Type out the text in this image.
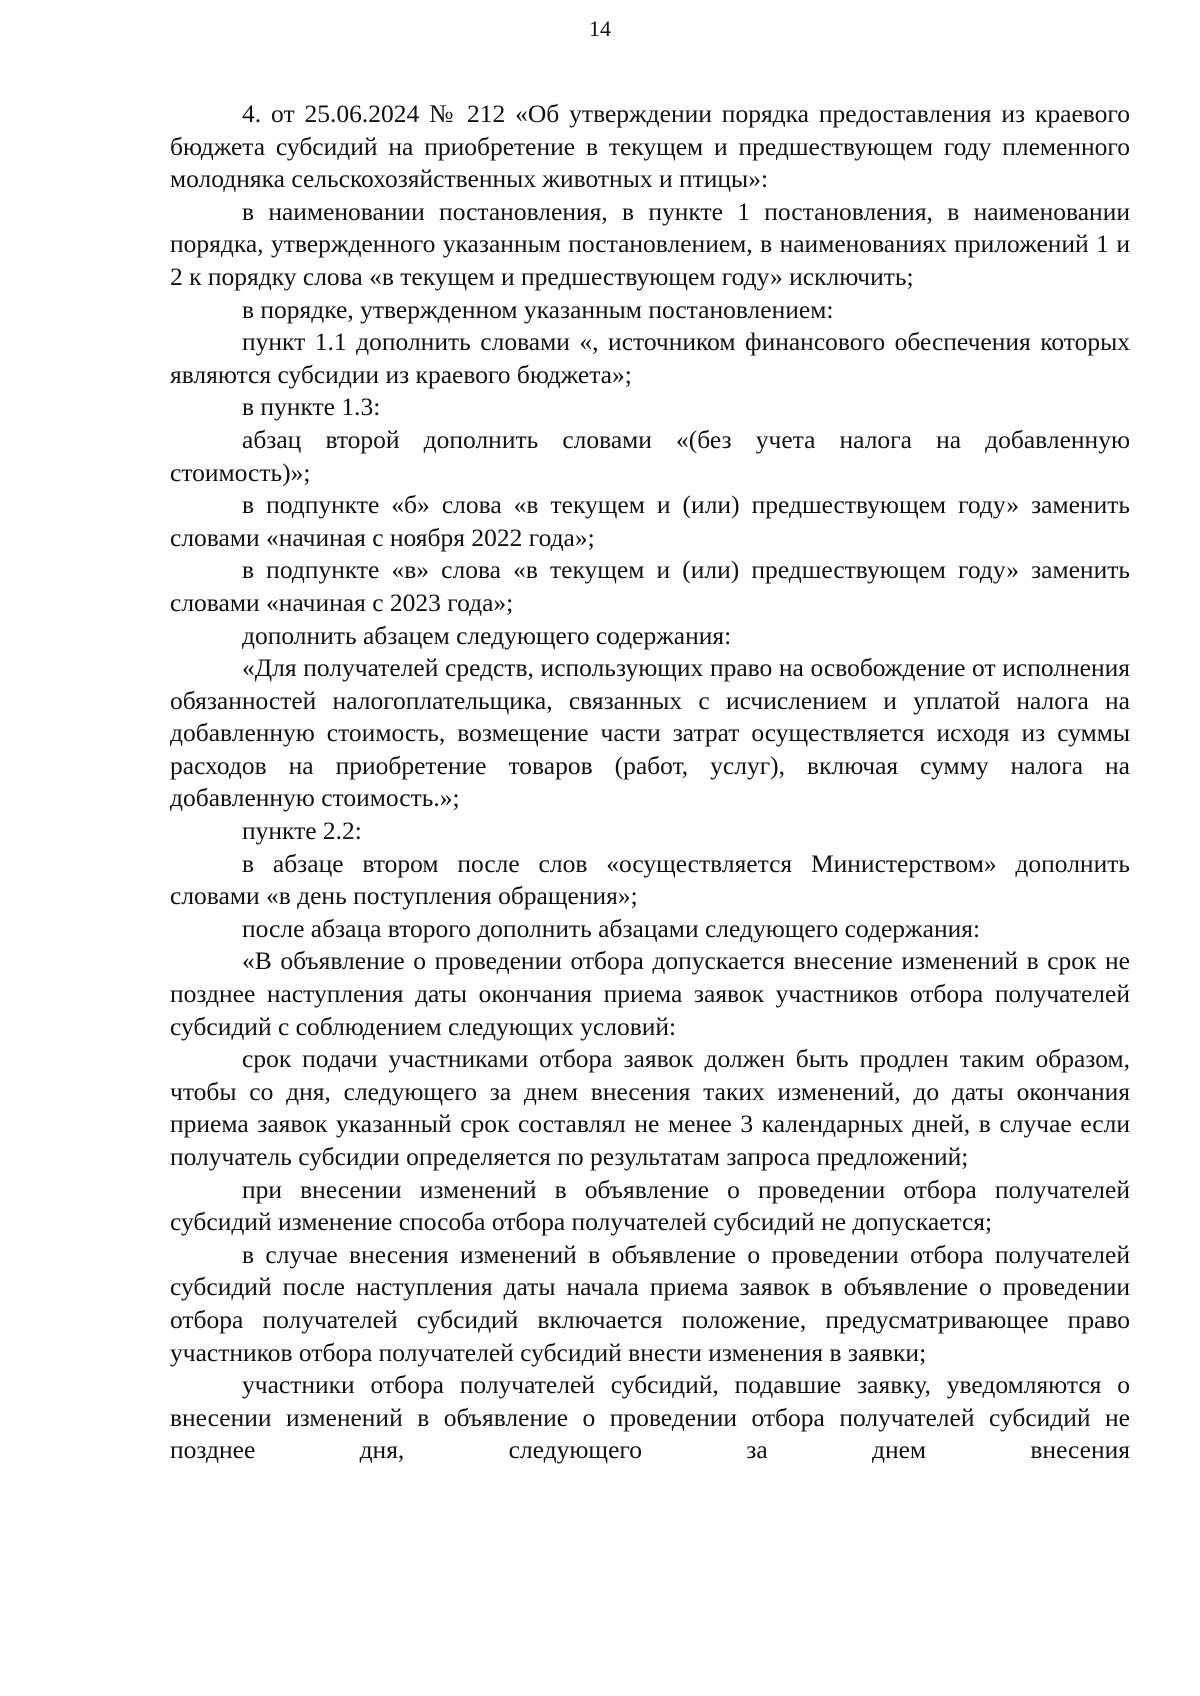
14

4. от 25.06.2024 № 212 «Об утверждении порядка предоставления из краевого бюджета субсидий на приобретение в текущем и предшествующем году племенного молодняка сельскохозяйственных животных и птицы»:

в наименовании постановления, в пункте 1 постановления, в наименовании порядка, утвержденного указанным постановлением, в наименованиях приложений 1 и 2 к порядку слова «в текущем и предшествующем году» исключить;

в порядке, утвержденном указанным постановлением:

пункт 1.1 дополнить словами «, источником финансового обеспечения которых являются субсидии из краевого бюджета»;

в пункте 1.3:

абзац второй дополнить словами «(без учета налога на добавленную стоимость)»;

в подпункте «б» слова «в текущем и (или) предшествующем году» заменить словами «начиная с ноября 2022 года»;

в подпункте «в» слова «в текущем и (или) предшествующем году» заменить словами «начиная с 2023 года»;

дополнить абзацем следующего содержания:

«Для получателей средств, использующих право на освобождение от исполнения обязанностей налогоплательщика, связанных с исчислением и уплатой налога на добавленную стоимость, возмещение части затрат осуществляется исходя из суммы расходов на приобретение товаров (работ, услуг), включая сумму налога на добавленную стоимость.»;

пункте 2.2:

в абзаце втором после слов «осуществляется Министерством» дополнить словами «в день поступления обращения»;

после абзаца второго дополнить абзацами следующего содержания:

«В объявление о проведении отбора допускается внесение изменений в срок не позднее наступления даты окончания приема заявок участников отбора получателей субсидий с соблюдением следующих условий:

срок подачи участниками отбора заявок должен быть продлен таким образом, чтобы со дня, следующего за днем внесения таких изменений, до даты окончания приема заявок указанный срок составлял не менее 3 календарных дней, в случае если получатель субсидии определяется по результатам запроса предложений;

при внесении изменений в объявление о проведении отбора получателей субсидий изменение способа отбора получателей субсидий не допускается;

в случае внесения изменений в объявление о проведении отбора получателей субсидий после наступления даты начала приема заявок в объявление о проведении отбора получателей субсидий включается положение, предусматривающее право участников отбора получателей субсидий внести изменения в заявки;

участники отбора получателей субсидий, подавшие заявку, уведомляются о внесении изменений в объявление о проведении отбора получателей субсидий не позднее дня, следующего за днем внесения
